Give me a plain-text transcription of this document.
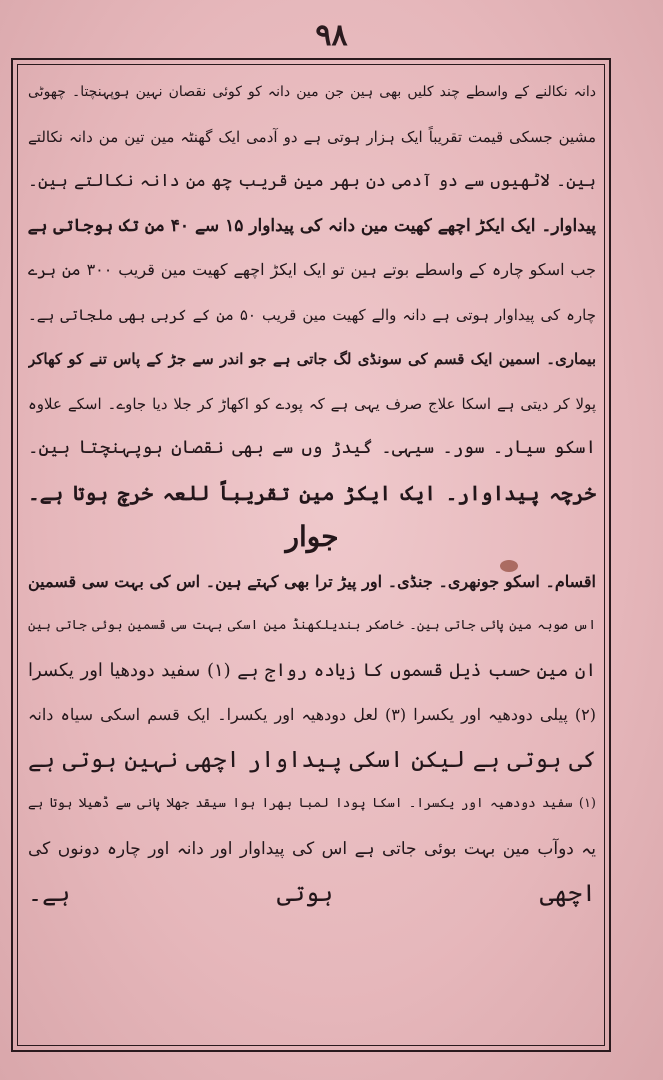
۹۸
دانہ نکالنے کے واسطے چند کلیں بھی ہین جن مین دانہ کو کوئی نقصان نہین ہوپہنچتا۔ چھوٹی
مشین جسکی قیمت تقریباً ایک ہزار ہوتی ہے دو آدمی ایک گھنٹہ مین تین من دانہ نکالتے
ہین۔ لاٹھیوں سے دو آدمی دن بھر مین قریب چھ من دانہ نکالتے ہین۔
پیداوار۔ ایک ایکڑ اچھے کھیت مین دانہ کی پیداوار ۱۵ سے ۴۰ من تک ہوجاتی ہے
جب اسکو چارہ کے واسطے بوتے ہین تو ایک ایکڑ اچھے کھیت مین قریب ۳۰۰ من ہرے
چارہ کی پیداوار ہوتی ہے دانہ والے کھیت مین قریب ۵۰ من کے کربی بھی ملجاتی ہے۔
بیماری۔ اسمین ایک قسم کی سونڈی لگ جاتی ہے جو اندر سے جڑ کے پاس تنے کو کھاکر
پولا کر دیتی ہے اسکا علاج صرف یہی ہے کہ پودے کو اکھاڑ کر جلا دیا جاوے۔ اسکے علاوہ
اسکو سیار۔ سور۔ سیہی۔ گیدڑ وں سے بھی نقصان ہوپہنچتا ہین۔
خرچہ پیداوار۔ ایک ایکڑ مین تقریباً للعہ خرچ ہوتا ہے۔
جوار
اقسام۔ اسکو جونھری۔ جنڈی۔ اور پیڑ ترا بھی کہتے ہین۔ اس کی بہت سی قسمین
اس صوبہ مین پائی جاتی ہین۔ خاصکر بندیلکھنڈ مین اسکی بہت سی قسمین بوئی جاتی ہین
ان مین حسب ذیل قسموں کا زیادہ رواج ہے (۱) سفید دودھیا اور یکسرا
(۲) پیلی دودھیہ اور یکسرا (۳) لعل دودھیہ اور یکسرا۔ ایک قسم اسکی سیاہ دانہ
کی ہوتی ہے لیکن اسکی پیداوار اچھی نہین ہوتی ہے
(۱) سفید دودھیہ اور یکسرا۔ اسکا پودا لمبا بھرا ہوا سیقد جھلا پانی سے ڈھیلا ہوتا ہے
یہ دوآب مین بہت بوئی جاتی ہے اس کی پیداوار اور دانہ اور چارہ دونوں کی
اچھی ہوتی ہے۔
